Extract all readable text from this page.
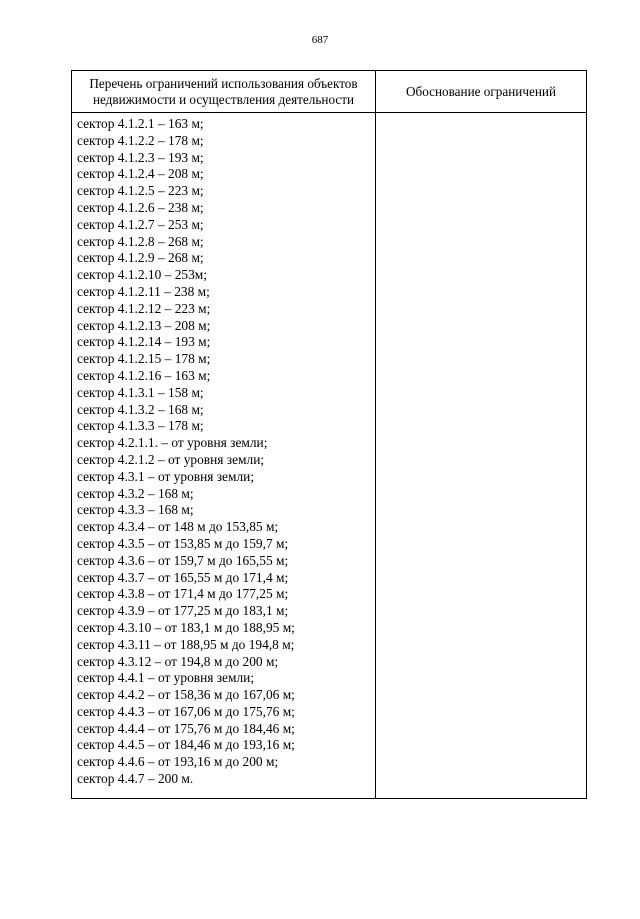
687
Перечень ограничений использования объектов недвижимости и осуществления деятельности
Обоснование ограничений
сектор 4.1.2.1 – 163 м;
сектор 4.1.2.2 – 178 м;
сектор 4.1.2.3 – 193 м;
сектор 4.1.2.4 – 208 м;
сектор 4.1.2.5 – 223 м;
сектор 4.1.2.6 – 238 м;
сектор 4.1.2.7 – 253 м;
сектор 4.1.2.8 – 268 м;
сектор 4.1.2.9 – 268 м;
сектор 4.1.2.10 – 253м;
сектор 4.1.2.11 – 238 м;
сектор 4.1.2.12 – 223 м;
сектор 4.1.2.13 – 208 м;
сектор 4.1.2.14 – 193 м;
сектор 4.1.2.15 – 178 м;
сектор 4.1.2.16 – 163 м;
сектор 4.1.3.1 – 158 м;
сектор 4.1.3.2 – 168 м;
сектор 4.1.3.3 – 178 м;
сектор 4.2.1.1. – от уровня земли;
сектор 4.2.1.2 – от уровня земли;
сектор 4.3.1 – от уровня земли;
сектор 4.3.2 – 168 м;
сектор 4.3.3 – 168 м;
сектор 4.3.4 – от 148 м до 153,85 м;
сектор 4.3.5 – от 153,85 м до 159,7 м;
сектор 4.3.6 – от 159,7 м до 165,55 м;
сектор 4.3.7 – от 165,55 м до 171,4 м;
сектор 4.3.8 – от 171,4 м до 177,25 м;
сектор 4.3.9 – от 177,25 м до 183,1 м;
сектор 4.3.10 – от 183,1 м до 188,95 м;
сектор 4.3.11 – от 188,95 м до 194,8 м;
сектор 4.3.12 – от 194,8 м до 200 м;
сектор 4.4.1 – от уровня земли;
сектор 4.4.2 – от 158,36 м до 167,06 м;
сектор 4.4.3 – от 167,06 м до 175,76 м;
сектор 4.4.4 – от 175,76 м до 184,46 м;
сектор 4.4.5 – от 184,46 м до 193,16 м;
сектор 4.4.6 – от 193,16 м до 200 м;
сектор 4.4.7 – 200 м.
